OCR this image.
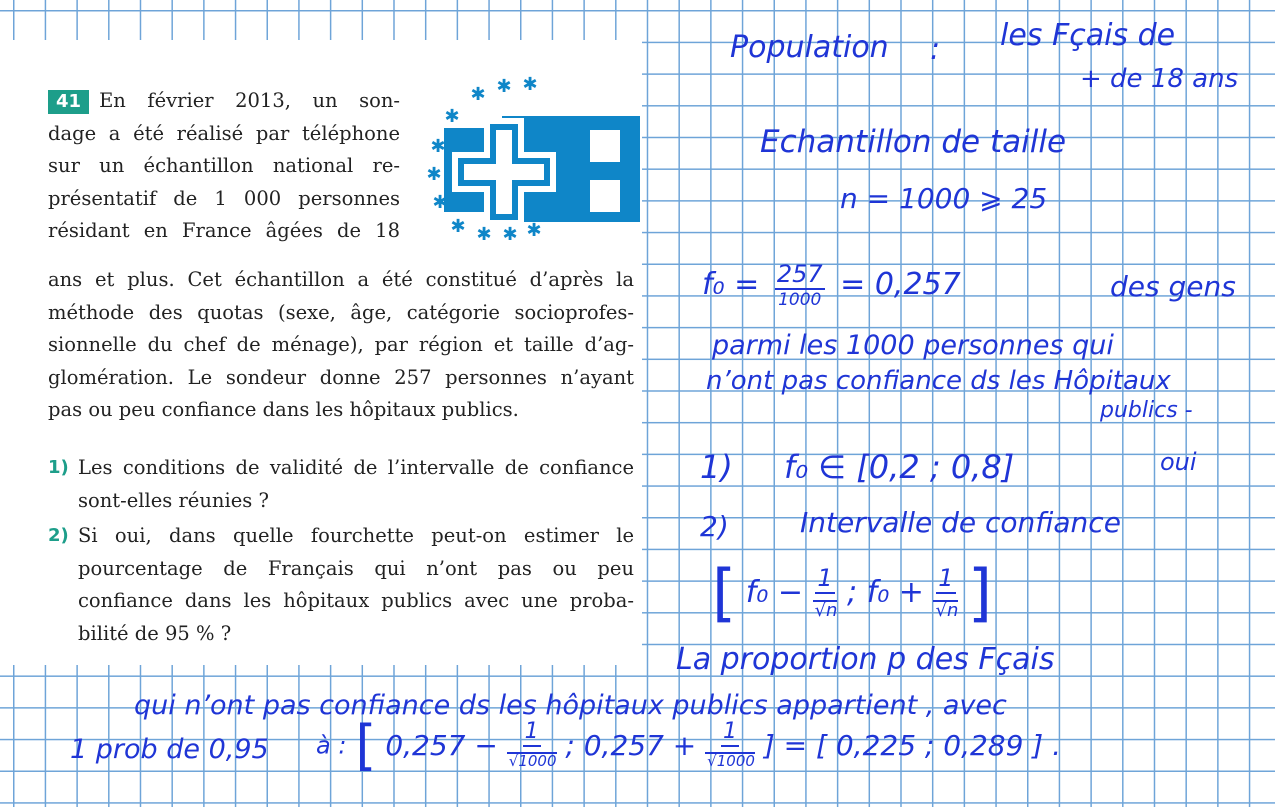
41 En février 2013, un son-
dage a été réalisé par téléphone
sur un échantillon national re-
présentatif de 1 000 personnes
résidant en France âgées de 18
ans et plus. Cet échantillon a été constitué d’après la
méthode des quotas (sexe, âge, catégorie socioprofes-
sionnelle du chef de ménage), par région et taille d’ag-
glomération. Le sondeur donne 257 personnes n’ayant
pas ou peu confiance dans les hôpitaux publics.
1) Les conditions de validité de l’intervalle de confiance
sont-elles réunies ?
2) Si oui, dans quelle fourchette peut-on estimer le
pourcentage de Français qui n’ont pas ou peu
confiance dans les hôpitaux publics avec une proba-
bilité de 95 % ?
✱ ✱ ✱
✱
✱
✱
✱
✱ ✱ ✱ ✱
Population : les Fçais de
+ de 18 ans
Echantillon de taille
n = 1000 ⩾ 25
$f_0 = \frac{257}{1000} = 0,257$	des gens
parmi les 1000 personnes qui
n’ont pas confiance ds les Hôpitaux
publics -
1) f₀ ∈ [0,2 ; 0,8]	oui
2)	Intervalle de confiance
[ f₀ − 1
√ n ; f₀ + 1
√ n ]
La proportion p des Fçais
qui n’ont pas confiance ds les hôpitaux publics appartient , avec
1 prob de 0,95 à : [ 0,257 − 1
√ 1000 ; 0,257 + 1
√ 1000 ] = [ 0,225 ; 0,289 ] .
